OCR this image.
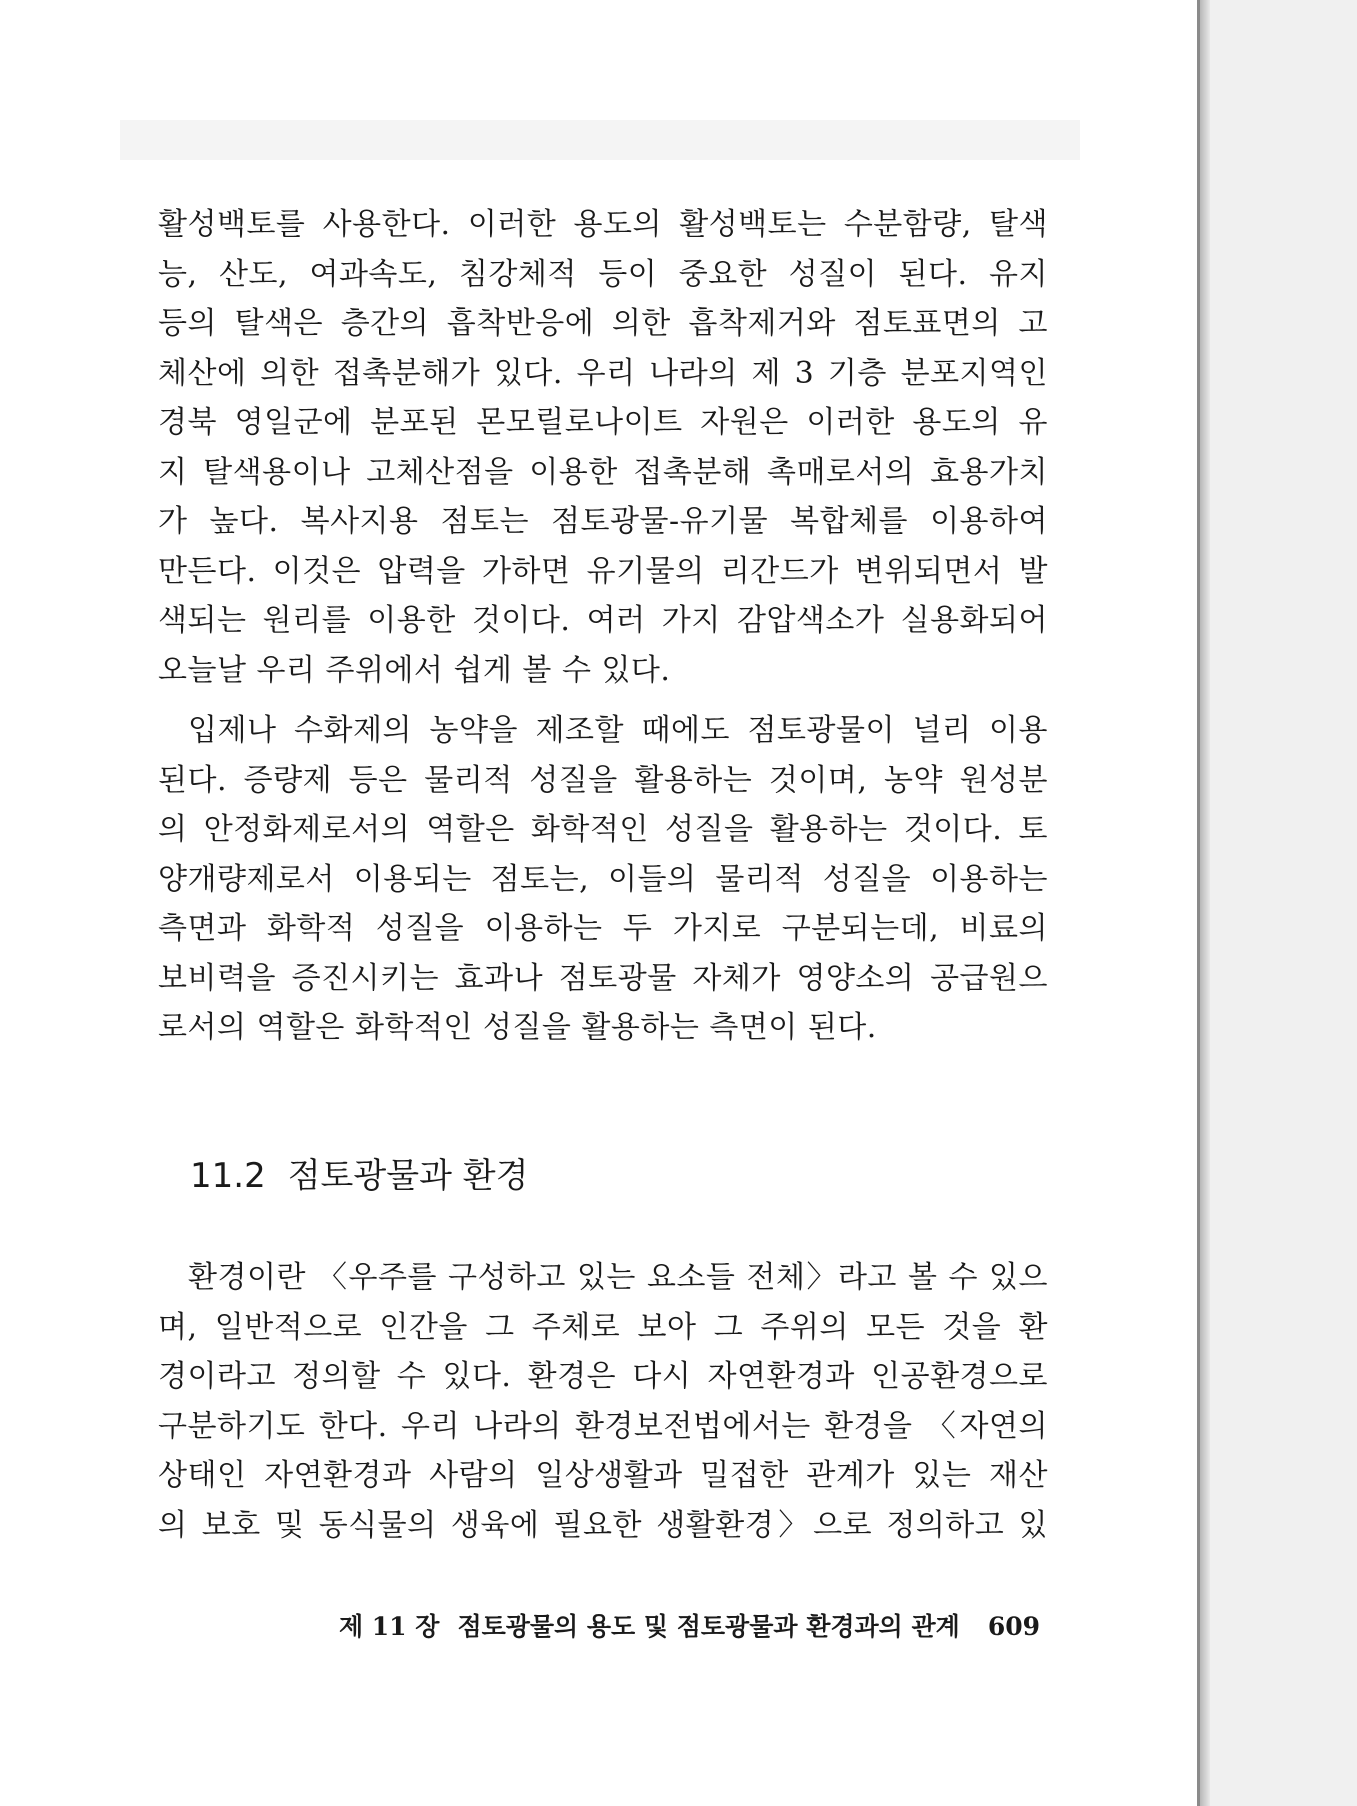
활성백토를 사용한다. 이러한 용도의 활성백토는 수분함량, 탈색
능, 산도, 여과속도, 침강체적 등이 중요한 성질이 된다. 유지
등의 탈색은 층간의 흡착반응에 의한 흡착제거와 점토표면의 고
체산에 의한 접촉분해가 있다. 우리 나라의 제 3 기층 분포지역인
경북 영일군에 분포된 몬모릴로나이트 자원은 이러한 용도의 유
지 탈색용이나 고체산점을 이용한 접촉분해 촉매로서의 효용가치
가 높다. 복사지용 점토는 점토광물-유기물 복합체를 이용하여
만든다. 이것은 압력을 가하면 유기물의 리간드가 변위되면서 발
색되는 원리를 이용한 것이다. 여러 가지 감압색소가 실용화되어
오늘날 우리 주위에서 쉽게 볼 수 있다.
입제나 수화제의 농약을 제조할 때에도 점토광물이 널리 이용
된다. 증량제 등은 물리적 성질을 활용하는 것이며, 농약 원성분
의 안정화제로서의 역할은 화학적인 성질을 활용하는 것이다. 토
양개량제로서 이용되는 점토는, 이들의 물리적 성질을 이용하는
측면과 화학적 성질을 이용하는 두 가지로 구분되는데, 비료의
보비력을 증진시키는 효과나 점토광물 자체가 영양소의 공급원으
로서의 역할은 화학적인 성질을 활용하는 측면이 된다.
11.2 점토광물과 환경
환경이란 〈우주를 구성하고 있는 요소들 전체〉라고 볼 수 있으
며, 일반적으로 인간을 그 주체로 보아 그 주위의 모든 것을 환
경이라고 정의할 수 있다. 환경은 다시 자연환경과 인공환경으로
구분하기도 한다. 우리 나라의 환경보전법에서는 환경을 〈자연의
상태인 자연환경과 사람의 일상생활과 밀접한 관계가 있는 재산
의 보호 및 동식물의 생육에 필요한 생활환경〉으로 정의하고 있
제 11 장 점토광물의 용도 및 점토광물과 환경과의 관계 609
